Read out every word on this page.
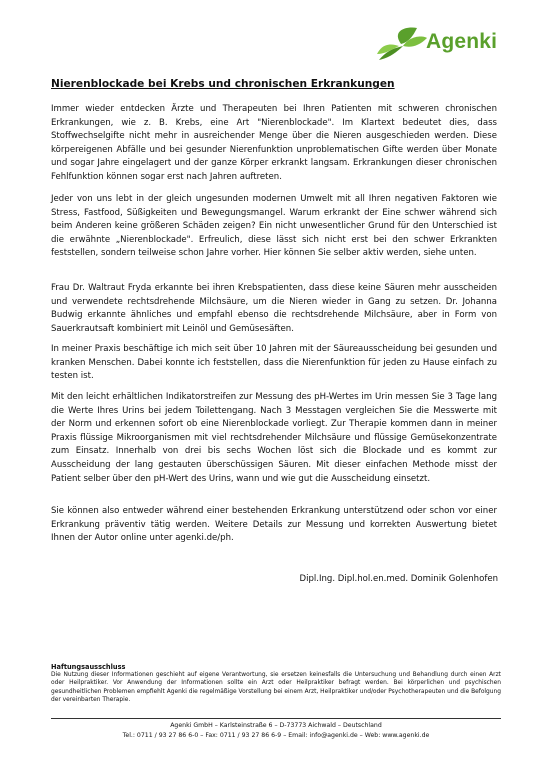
Agenki
Nierenblockade bei Krebs und chronischen Erkrankungen

Immer wieder entdecken Ärzte und Therapeuten bei Ihren Patienten mit schweren chronischen Erkrankungen, wie z. B. Krebs, eine Art "Nierenblockade". Im Klartext bedeutet dies, dass Stoffwechselgifte nicht mehr in ausreichender Menge über die Nieren ausgeschieden werden. Diese körpereigenen Abfälle und bei gesunder Nierenfunktion unproblematischen Gifte werden über Monate und sogar Jahre eingelagert und der ganze Körper erkrankt langsam. Erkrankungen dieser chronischen Fehlfunktion können sogar erst nach Jahren auftreten.

Jeder von uns lebt in der gleich ungesunden modernen Umwelt mit all Ihren negativen Faktoren wie Stress, Fastfood, Süßigkeiten und Bewegungsmangel. Warum erkrankt der Eine schwer während sich beim Anderen keine größeren Schäden zeigen? Ein nicht unwesentlicher Grund für den Unterschied ist die erwähnte „Nierenblockade". Erfreulich, diese lässt sich nicht erst bei den schwer Erkrankten feststellen, sondern teilweise schon Jahre vorher. Hier können Sie selber aktiv werden, siehe unten.

Frau Dr. Waltraut Fryda erkannte bei ihren Krebspatienten, dass diese keine Säuren mehr ausscheiden und verwendete rechtsdrehende Milchsäure, um die Nieren wieder in Gang zu setzen. Dr. Johanna Budwig erkannte ähnliches und empfahl ebenso die rechtsdrehende Milchsäure, aber in Form von Sauerkrautsaft kombiniert mit Leinöl und Gemüsesäften.

In meiner Praxis beschäftige ich mich seit über 10 Jahren mit der Säureausscheidung bei gesunden und kranken Menschen. Dabei konnte ich feststellen, dass die Nierenfunktion für jeden zu Hause einfach zu testen ist.

Mit den leicht erhältlichen Indikatorstreifen zur Messung des pH-Wertes im Urin messen Sie 3 Tage lang die Werte Ihres Urins bei jedem Toilettengang. Nach 3 Messtagen vergleichen Sie die Messwerte mit der Norm und erkennen sofort ob eine Nierenblockade vorliegt. Zur Therapie kommen dann in meiner Praxis flüssige Mikroorganismen mit viel rechtsdrehender Milchsäure und flüssige Gemüsekonzentrate zum Einsatz. Innerhalb von drei bis sechs Wochen löst sich die Blockade und es kommt zur Ausscheidung der lang gestauten überschüssigen Säuren. Mit dieser einfachen Methode misst der Patient selber über den pH-Wert des Urins, wann und wie gut die Ausscheidung einsetzt.

Sie können also entweder während einer bestehenden Erkrankung unterstützend oder schon vor einer Erkrankung präventiv tätig werden. Weitere Details zur Messung und korrekten Auswertung bietet Ihnen der Autor online unter agenki.de/ph.

Dipl.Ing. Dipl.hol.en.med. Dominik Golenhofen
Haftungsausschluss
Die Nutzung dieser Informationen geschieht auf eigene Verantwortung, sie ersetzen keinesfalls die Untersuchung und Behandlung durch einen Arzt oder Heilpraktiker. Vor Anwendung der Informationen sollte ein Arzt oder Heilpraktiker befragt werden. Bei körperlichen und psychischen gesundheitlichen Problemen empfiehlt Agenki die regelmäßige Vorstellung bei einem Arzt, Heilpraktiker und/oder Psychotherapeuten und die Befolgung der vereinbarten Therapie.
Agenki GmbH – Karlsteinstraße 6 – D-73773 Aichwald – Deutschland
Tel.: 0711 / 93 27 86 6-0 – Fax: 0711 / 93 27 86 6-9 – Email: info@agenki.de – Web: www.agenki.de
